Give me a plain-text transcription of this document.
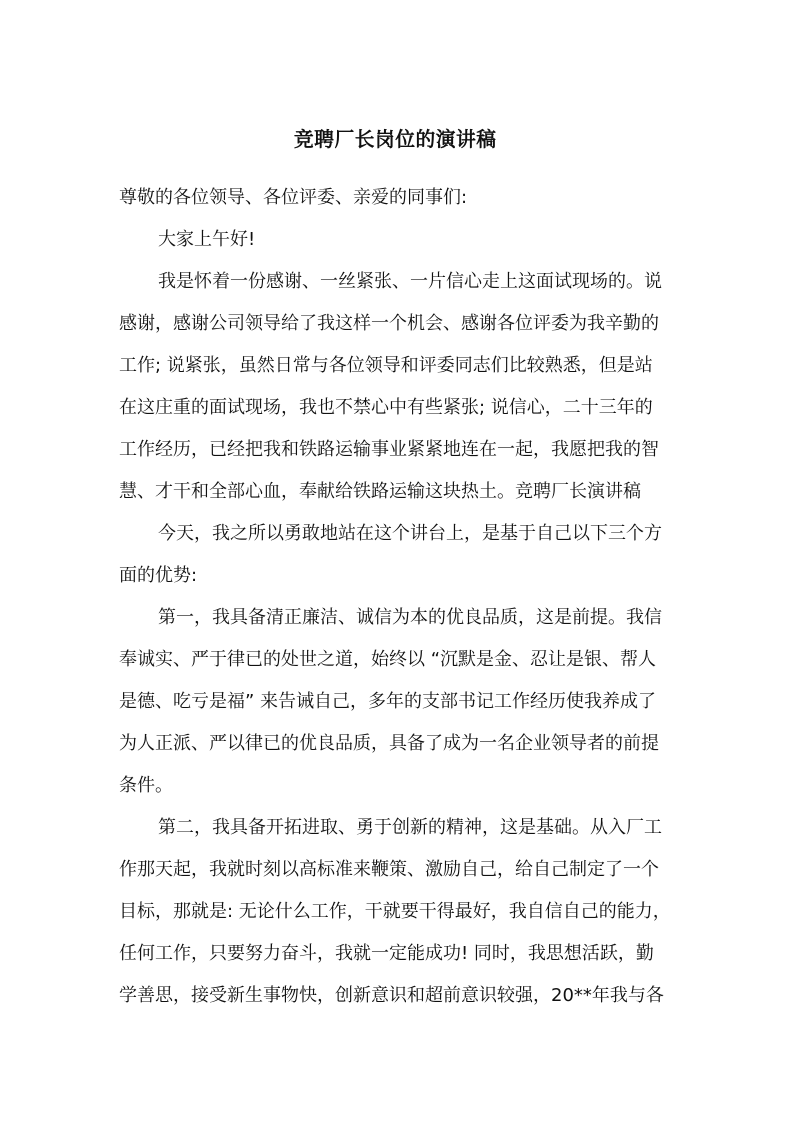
竞聘厂长岗位的演讲稿
尊敬的各位领导、各位评委、亲爱的同事们:
大家上午好!
我是怀着一份感谢、一丝紧张、一片信心走上这面试现场的。说
感谢，感谢公司领导给了我这样一个机会、感谢各位评委为我辛勤的
工作; 说紧张，虽然日常与各位领导和评委同志们比较熟悉，但是站
在这庄重的面试现场，我也不禁心中有些紧张; 说信心，二十三年的
工作经历，已经把我和铁路运输事业紧紧地连在一起，我愿把我的智
慧、才干和全部心血，奉献给铁路运输这块热土。竞聘厂长演讲稿
今天，我之所以勇敢地站在这个讲台上，是基于自己以下三个方
面的优势:
第一，我具备清正廉洁、诚信为本的优良品质，这是前提。我信
奉诚实、严于律已的处世之道，始终以 “沉默是金、忍让是银、帮人
是德、吃亏是福” 来告诫自己，多年的支部书记工作经历使我养成了
为人正派、严以律已的优良品质，具备了成为一名企业领导者的前提
条件。
第二，我具备开拓进取、勇于创新的精神，这是基础。从入厂工
作那天起，我就时刻以高标准来鞭策、激励自己，给自己制定了一个
目标，那就是: 无论什么工作，干就要干得最好，我自信自己的能力，
任何工作，只要努力奋斗，我就一定能成功! 同时，我思想活跃，勤
学善思，接受新生事物快，创新意识和超前意识较强，20**年我与各
